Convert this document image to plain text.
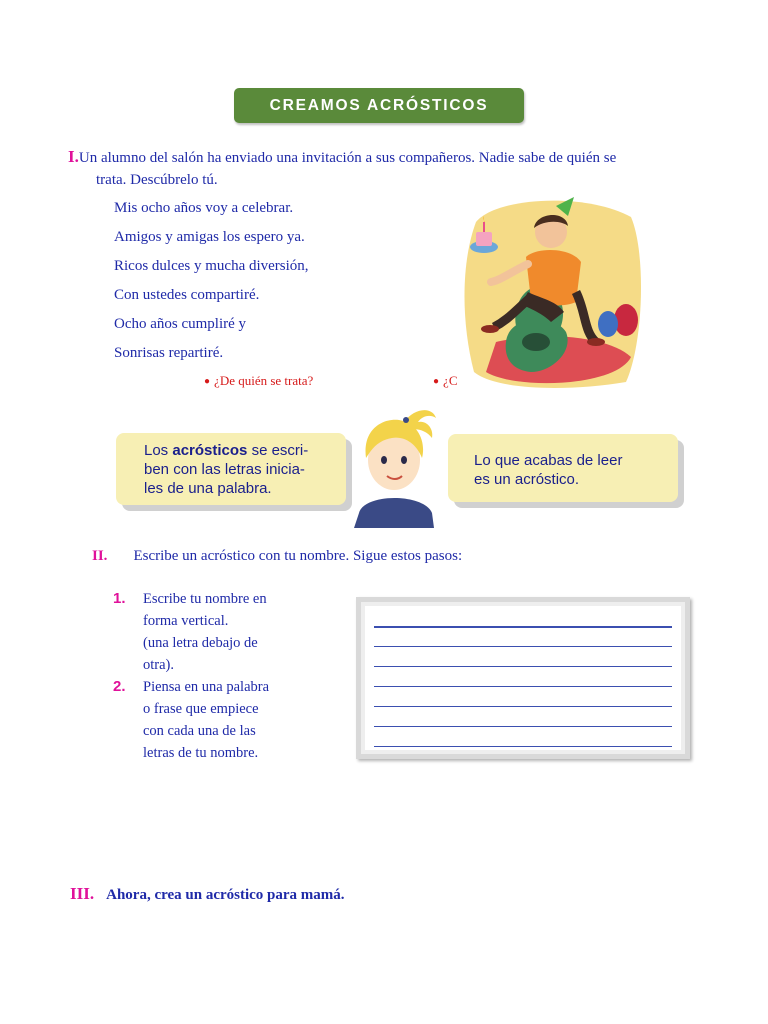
CREAMOS ACRÓSTICOS
I.Un alumno del salón ha enviado una invitación a sus compañeros. Nadie sabe de quién se
trata. Descúbrelo tú.
Mis ocho años voy a celebrar.
Amigos y amigas los espero ya.
Ricos dulces y mucha diversión,
Con ustedes compartiré.
Ocho años cumpliré y
Sonrisas repartiré.
● ¿De quién se trata?	● ¿C
Los acrósticos se escri-
ben con las letras inicia-
les de una palabra.
Lo que acabas de leer
es un acróstico.
II. Escribe un acróstico con tu nombre. Sigue estos pasos:
1. Escribe tu nombre en
forma vertical.
(una letra debajo de
otra).
2. Piensa en una palabra
o frase que empiece
con cada una de las
letras de tu nombre.
III. Ahora, crea un acróstico para mamá.
